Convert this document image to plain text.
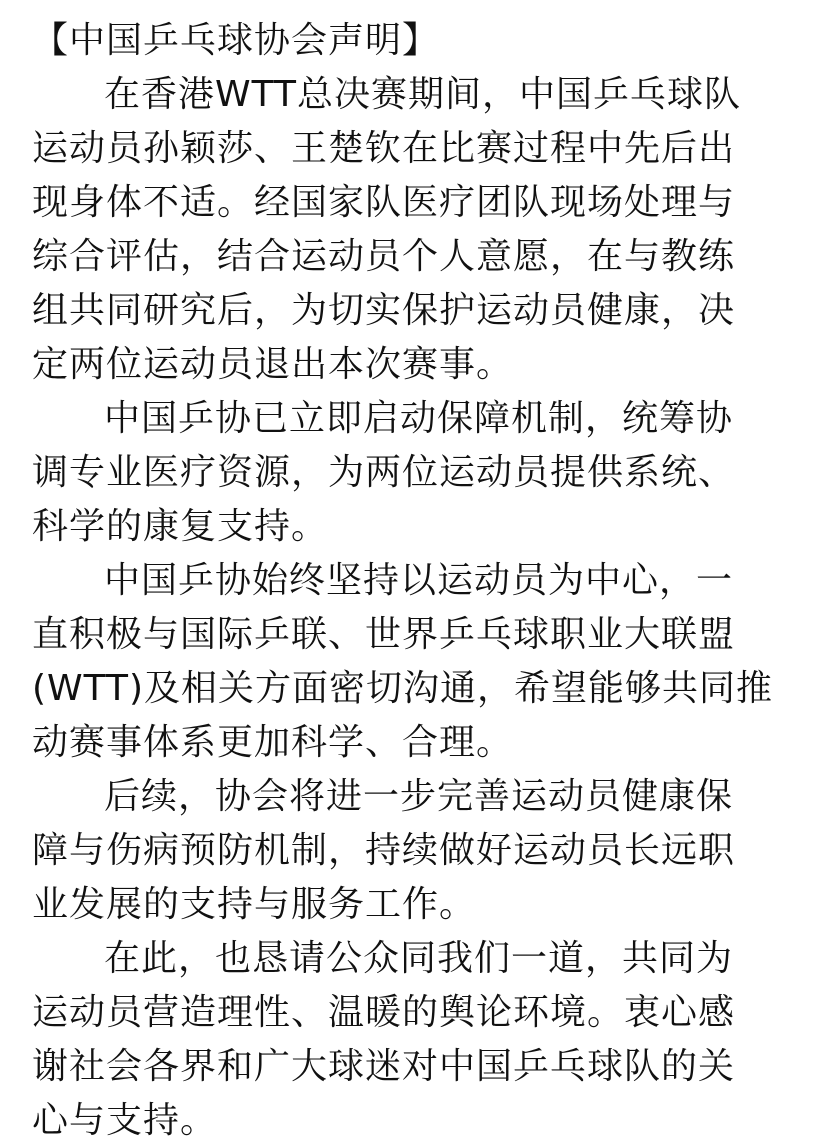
【中国乒乓球协会声明】
在香港WTT总决赛期间，中国乒乓球队
运动员孙颖莎、王楚钦在比赛过程中先后出
现身体不适。经国家队医疗团队现场处理与
综合评估，结合运动员个人意愿，在与教练
组共同研究后，为切实保护运动员健康，决
定两位运动员退出本次赛事。
中国乒协已立即启动保障机制，统筹协
调专业医疗资源，为两位运动员提供系统、
科学的康复支持。
中国乒协始终坚持以运动员为中心，一
直积极与国际乒联、世界乒乓球职业大联盟
(WTT)及相关方面密切沟通，希望能够共同推
动赛事体系更加科学、合理。
后续，协会将进一步完善运动员健康保
障与伤病预防机制，持续做好运动员长远职
业发展的支持与服务工作。
在此，也恳请公众同我们一道，共同为
运动员营造理性、温暖的舆论环境。衷心感
谢社会各界和广大球迷对中国乒乓球队的关
心与支持。
